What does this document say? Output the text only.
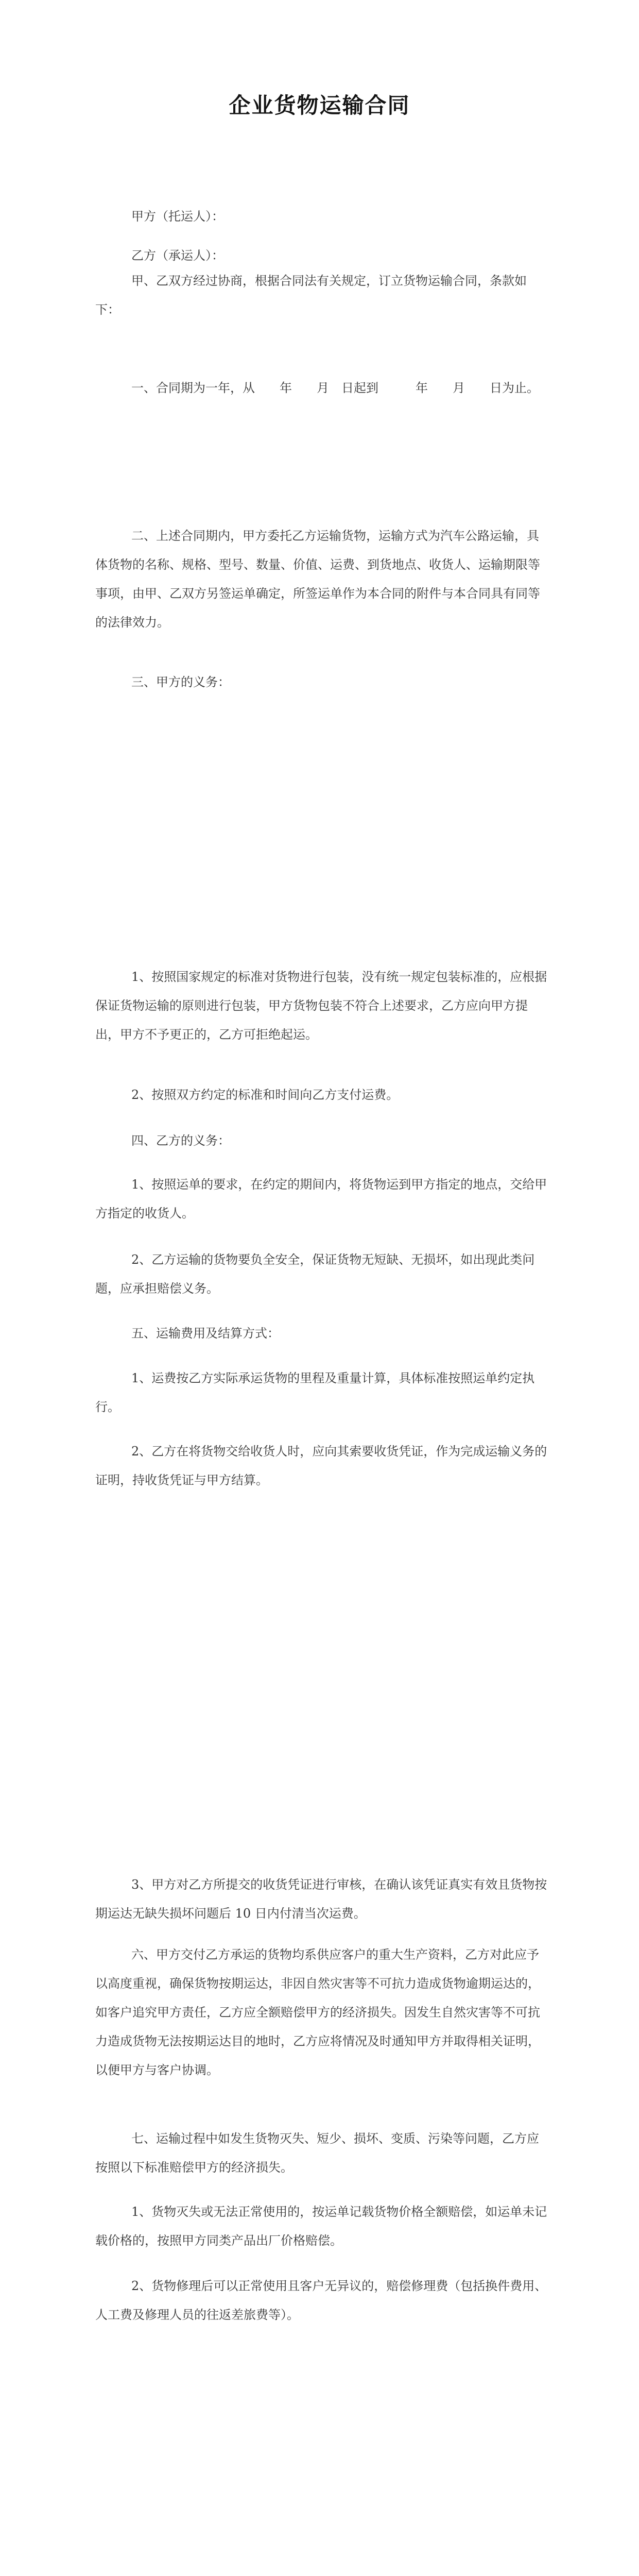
企业货物运输合同

甲方（托运人）：

乙方（承运人）：

甲、乙双方经过协商，根据合同法有关规定，订立货物运输合同，条款如下：

一、合同期为一年，从　　年　　月　日起到　　　年　　月　　日为止。

二、上述合同期内，甲方委托乙方运输货物，运输方式为汽车公路运输，具体货物的名称、规格、型号、数量、价值、运费、到货地点、收货人、运输期限等事项，由甲、乙双方另签运单确定，所签运单作为本合同的附件与本合同具有同等的法律效力。

三、甲方的义务：

1、按照国家规定的标准对货物进行包装，没有统一规定包装标准的，应根据保证货物运输的原则进行包装，甲方货物包装不符合上述要求，乙方应向甲方提出，甲方不予更正的，乙方可拒绝起运。

2、按照双方约定的标准和时间向乙方支付运费。

四、乙方的义务：

1、按照运单的要求，在约定的期间内，将货物运到甲方指定的地点，交给甲方指定的收货人。

2、乙方运输的货物要负全安全，保证货物无短缺、无损坏，如出现此类问题，应承担赔偿义务。

五、运输费用及结算方式：

1、运费按乙方实际承运货物的里程及重量计算，具体标准按照运单约定执行。

2、乙方在将货物交给收货人时，应向其索要收货凭证，作为完成运输义务的证明，持收货凭证与甲方结算。

3、甲方对乙方所提交的收货凭证进行审核，在确认该凭证真实有效且货物按期运达无缺失损坏问题后 10 日内付清当次运费。

六、甲方交付乙方承运的货物均系供应客户的重大生产资料，乙方对此应予以高度重视，确保货物按期运达，非因自然灾害等不可抗力造成货物逾期运达的，如客户追究甲方责任，乙方应全额赔偿甲方的经济损失。因发生自然灾害等不可抗力造成货物无法按期运达目的地时，乙方应将情况及时通知甲方并取得相关证明，以便甲方与客户协调。

七、运输过程中如发生货物灭失、短少、损坏、变质、污染等问题，乙方应按照以下标准赔偿甲方的经济损失。

1、货物灭失或无法正常使用的，按运单记载货物价格全额赔偿，如运单未记载价格的，按照甲方同类产品出厂价格赔偿。

2、货物修理后可以正常使用且客户无异议的，赔偿修理费（包括换件费用、人工费及修理人员的往返差旅费等）。
